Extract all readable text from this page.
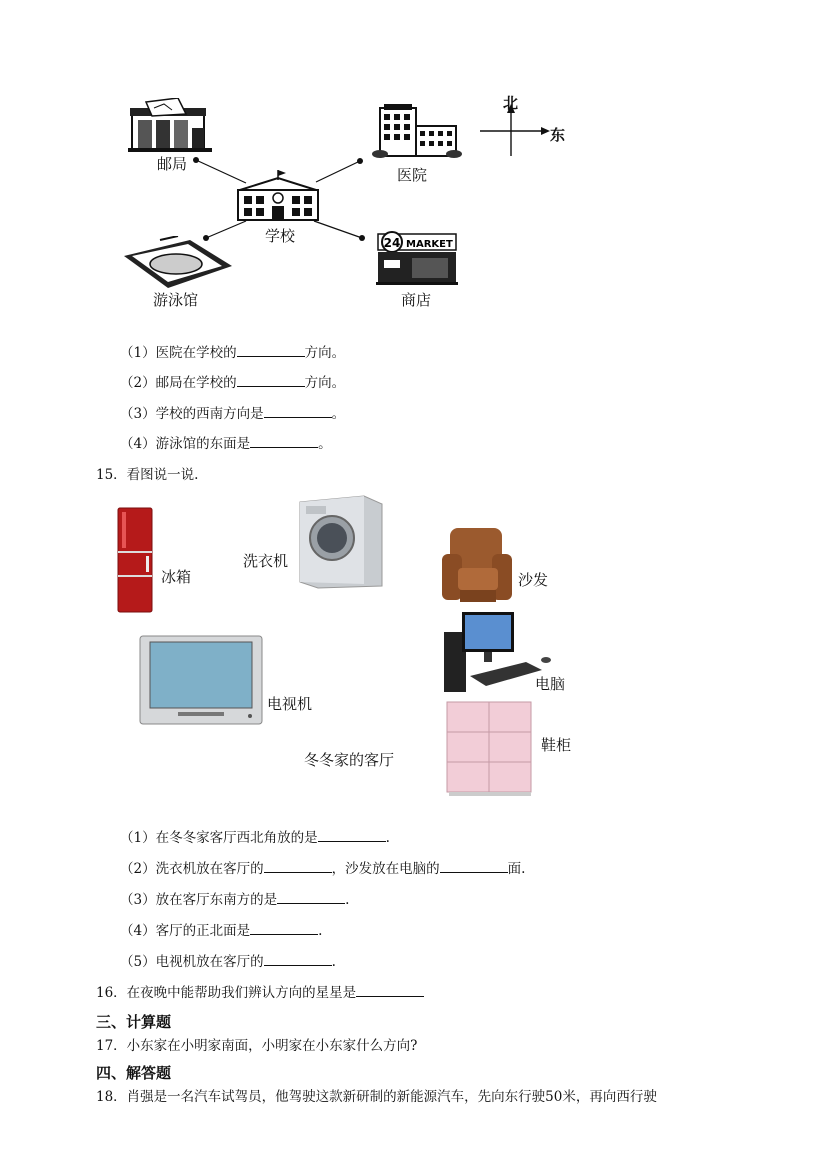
北
东
邮局
医院
学校
游泳馆
24 MARKET
商店
（1）医院在学校的	方向。
（2）邮局在学校的	方向。
（3）学校的西南方向是	。
（4）游泳馆的东面是	。
15．看图说一说.
冰箱
洗衣机
沙发
电脑
电视机
鞋柜
冬冬家的客厅
（1）在冬冬家客厅西北角放的是	.
（2）洗衣机放在客厅的	，沙发放在电脑的	面.
（3）放在客厅东南方的是	.
（4）客厅的正北面是	.
（5）电视机放在客厅的	.
16．在夜晚中能帮助我们辨认方向的星星是
三、计算题
17．小东家在小明家南面，小明家在小东家什么方向?
四、解答题
18．肖强是一名汽车试驾员，他驾驶这款新研制的新能源汽车，先向东行驶50米，再向西行驶
